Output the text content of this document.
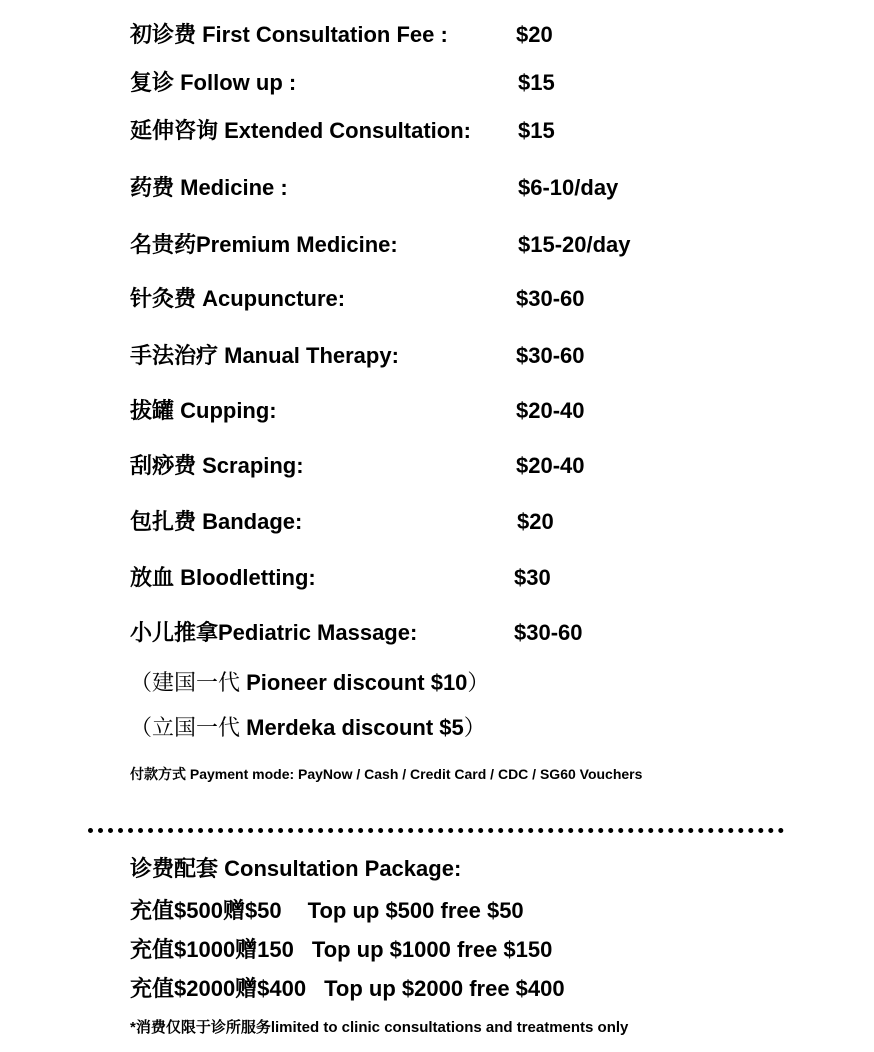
初诊费 First Consultation Fee :	$20
复诊 Follow up :	$15
延伸咨询 Extended Consultation: $15
药费 Medicine :	$6-10/day
名贵药Premium Medicine:	$15-20/day
针灸费 Acupuncture:	$30-60
手法治疗 Manual Therapy:	$30-60
拔罐 Cupping:	$20-40
刮痧费 Scraping:	$20-40
包扎费 Bandage:	$20
放血 Bloodletting:	$30
小儿推拿Pediatric Massage:	$30-60
（建国一代 Pioneer discount $10）
（立国一代 Merdeka discount $5）
付款方式 Payment mode: PayNow / Cash / Credit Card / CDC / SG60 Vouchers
诊费配套 Consultation Package:
充值$500赠$50 Top up $500 free $50
充值$1000赠150 Top up $1000 free $150
充值$2000赠$400 Top up $2000 free $400
*消费仅限于诊所服务limited to clinic consultations and treatments only
